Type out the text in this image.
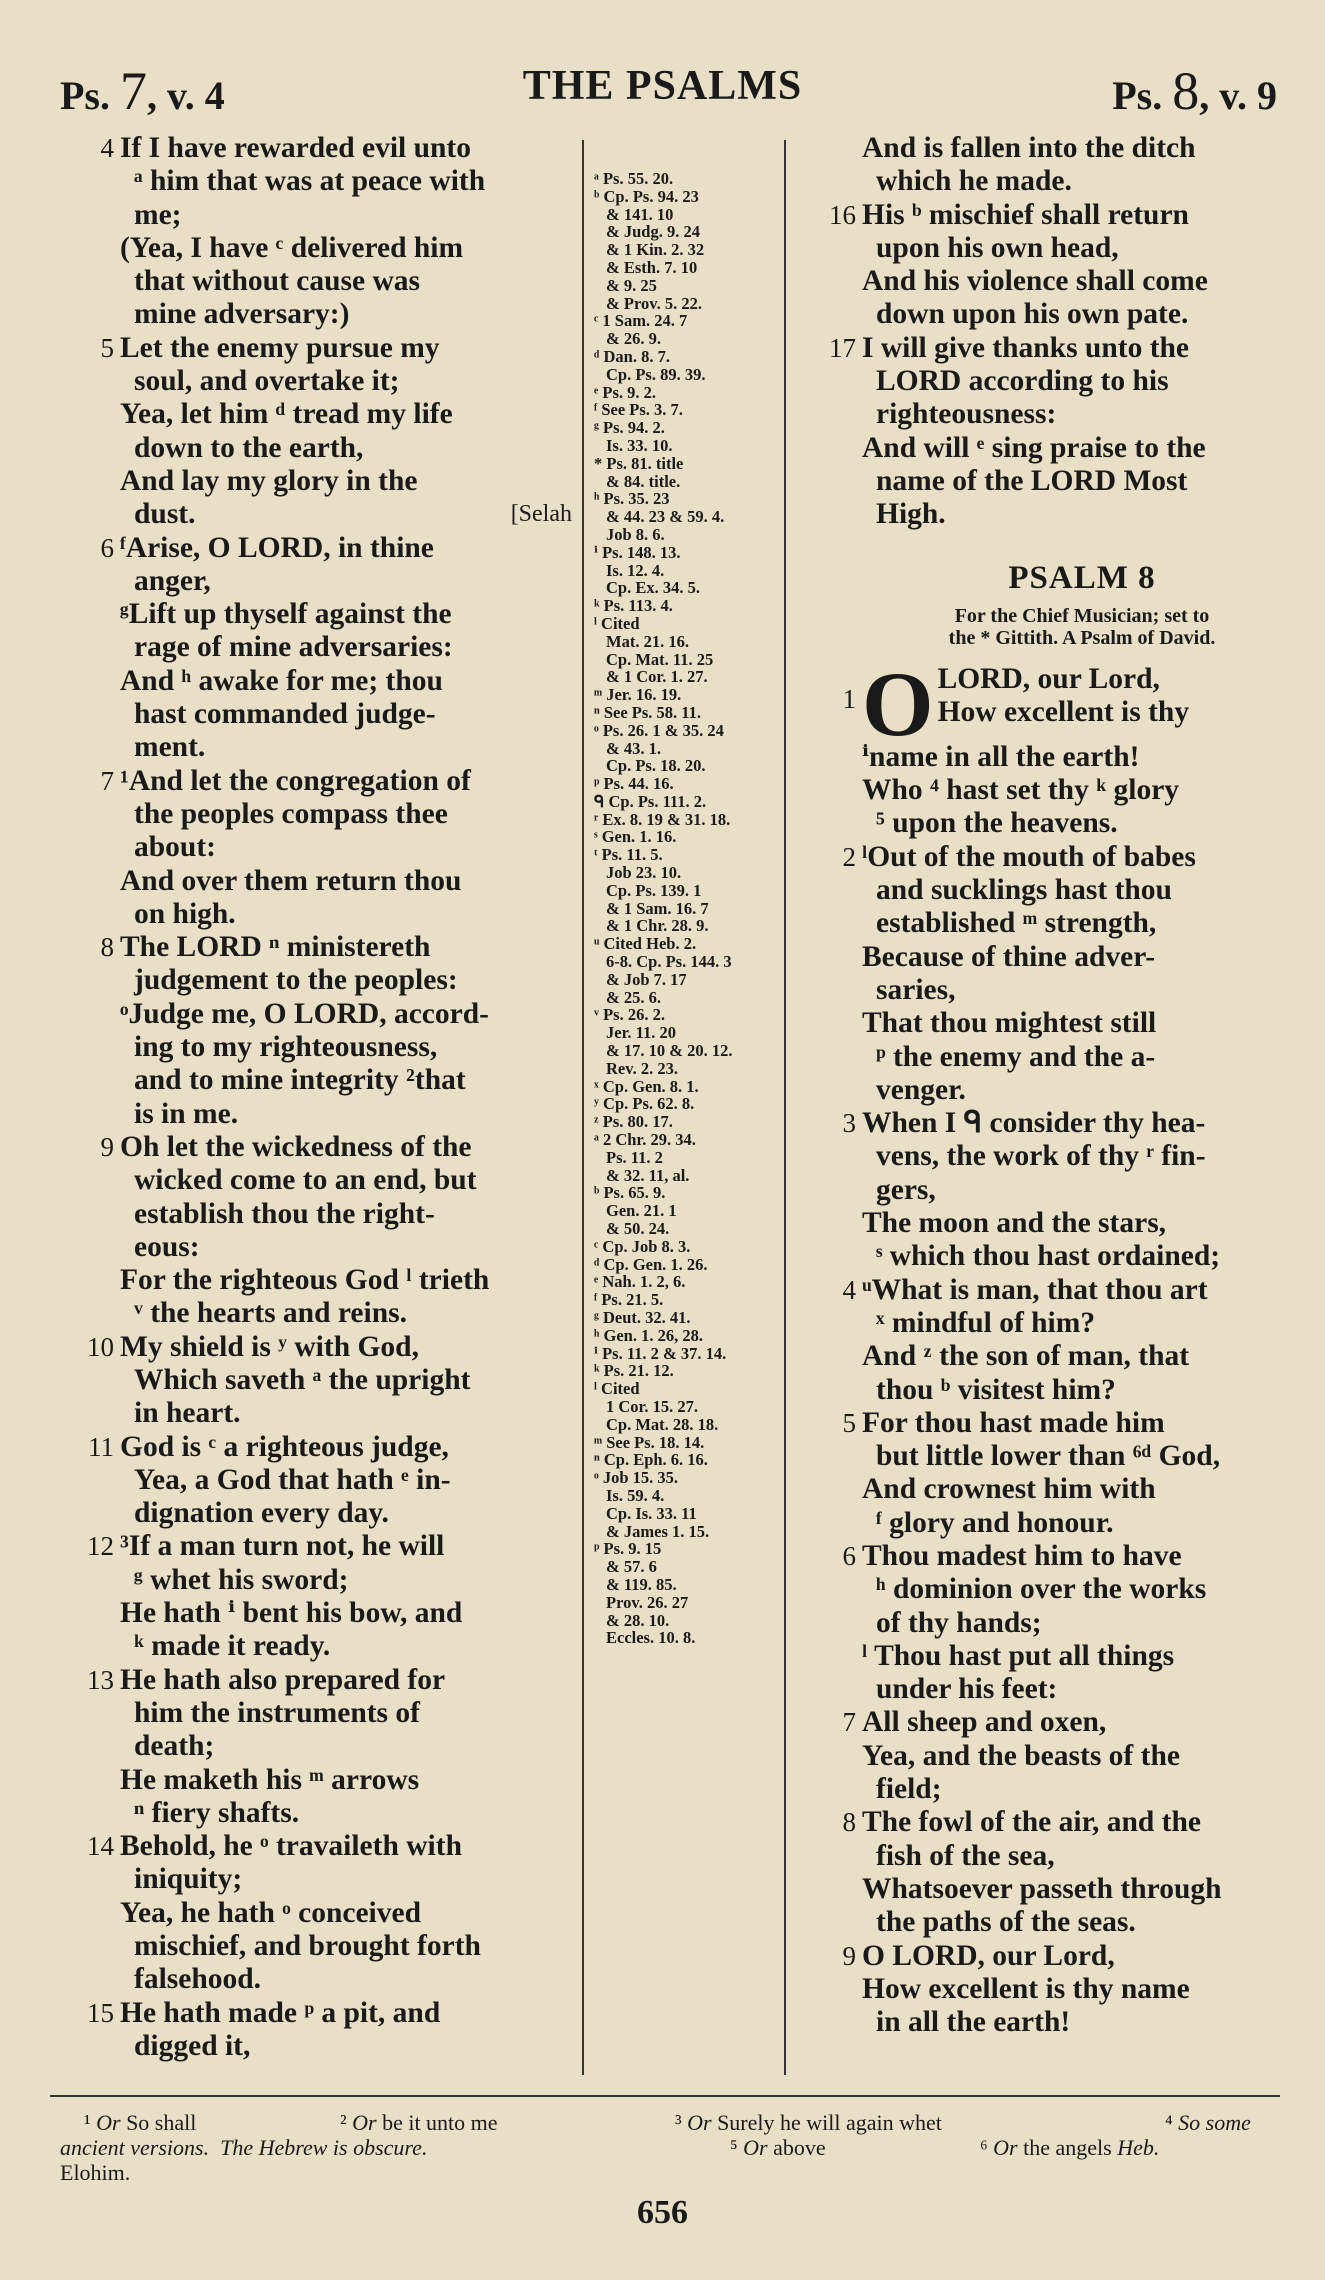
Ps. 7, v. 4	THE PSALMS	Ps. 8, v. 9
4 If I have rewarded evil unto
ᵃ him that was at peace with
me;
(Yea, I have ᶜ delivered him
that without cause was
mine adversary:)
5 Let the enemy pursue my
soul, and overtake it;
Yea, let him ᵈ tread my life
down to the earth,
And lay my glory in the
[Selah
dust.
6 ᶠArise, O LORD, in thine
anger,
ᵍLift up thyself against the
rage of mine adversaries:
And ʰ awake for me; thou
hast commanded judge-
ment.
7 ¹And let the congregation of
the peoples compass thee
about:
And over them return thou
on high.
8 The LORD ⁿ ministereth
judgement to the peoples:
ᵒJudge me, O LORD, accord-
ing to my righteousness,
and to mine integrity ²that
is in me.
9 Oh let the wickedness of the
wicked come to an end, but
establish thou the right-
eous:
For the righteous God ˡ trieth
ᵛ the hearts and reins.
10 My shield is ʸ with God,
Which saveth ᵃ the upright
in heart.
11 God is ᶜ a righteous judge,
Yea, a God that hath ᵉ in-
dignation every day.
12 ³If a man turn not, he will
ᵍ whet his sword;
He hath ⁱ bent his bow, and
ᵏ made it ready.
13 He hath also prepared for
him the instruments of
death;
He maketh his ᵐ arrows
ⁿ fiery shafts.
14 Behold, he ᵒ travaileth with
iniquity;
Yea, he hath ᵒ conceived
mischief, and brought forth
falsehood.
15 He hath made ᵖ a pit, and
digged it,
ᵃ Ps. 55. 20.
ᵇ Cp. Ps. 94. 23
& 141. 10
& Judg. 9. 24
& 1 Kin. 2. 32
& Esth. 7. 10
& 9. 25
& Prov. 5. 22.
ᶜ 1 Sam. 24. 7
& 26. 9.
ᵈ Dan. 8. 7.
Cp. Ps. 89. 39.
ᵉ Ps. 9. 2.
ᶠ See Ps. 3. 7.
ᵍ Ps. 94. 2.
Is. 33. 10.
* Ps. 81. title
& 84. title.
ʰ Ps. 35. 23
& 44. 23 & 59. 4.
Job 8. 6.
ⁱ Ps. 148. 13.
Is. 12. 4.
Cp. Ex. 34. 5.
ᵏ Ps. 113. 4.
ˡ Cited
Mat. 21. 16.
Cp. Mat. 11. 25
& 1 Cor. 1. 27.
ᵐ Jer. 16. 19.
ⁿ See Ps. 58. 11.
ᵒ Ps. 26. 1 & 35. 24
& 43. 1.
Cp. Ps. 18. 20.
ᵖ Ps. 44. 16.
ᑫ Cp. Ps. 111. 2.
ʳ Ex. 8. 19 & 31. 18.
ˢ Gen. 1. 16.
ᵗ Ps. 11. 5.
Job 23. 10.
Cp. Ps. 139. 1
& 1 Sam. 16. 7
& 1 Chr. 28. 9.
ᵘ Cited Heb. 2.
6-8. Cp. Ps. 144. 3
& Job 7. 17
& 25. 6.
ᵛ Ps. 26. 2.
Jer. 11. 20
& 17. 10 & 20. 12.
Rev. 2. 23.
ˣ Cp. Gen. 8. 1.
ʸ Cp. Ps. 62. 8.
ᶻ Ps. 80. 17.
ᵃ 2 Chr. 29. 34.
Ps. 11. 2
& 32. 11, al.
ᵇ Ps. 65. 9.
Gen. 21. 1
& 50. 24.
ᶜ Cp. Job 8. 3.
ᵈ Cp. Gen. 1. 26.
ᵉ Nah. 1. 2, 6.
ᶠ Ps. 21. 5.
ᵍ Deut. 32. 41.
ʰ Gen. 1. 26, 28.
ⁱ Ps. 11. 2 & 37. 14.
ᵏ Ps. 21. 12.
ˡ Cited
1 Cor. 15. 27.
Cp. Mat. 28. 18.
ᵐ See Ps. 18. 14.
ⁿ Cp. Eph. 6. 16.
ᵒ Job 15. 35.
Is. 59. 4.
Cp. Is. 33. 11
& James 1. 15.
ᵖ Ps. 9. 15
& 57. 6
& 119. 85.
Prov. 26. 27
& 28. 10.
Eccles. 10. 8.
And is fallen into the ditch
which he made.
16 His ᵇ mischief shall return
upon his own head,
And his violence shall come
down upon his own pate.
17 I will give thanks unto the
LORD according to his
righteousness:
And will ᵉ sing praise to the
name of the LORD Most
High.
PSALM 8
For the Chief Musician; set to
the * Gittith. A Psalm of David.
1 O LORD, our Lord,
How excellent is thy
ⁱname in all the earth!
Who ⁴ hast set thy ᵏ glory
⁵ upon the heavens.
2 ˡOut of the mouth of babes
and sucklings hast thou
established ᵐ strength,
Because of thine adver-
saries,
That thou mightest still
ᵖ the enemy and the a-
venger.
3 When I ᑫ consider thy hea-
vens, the work of thy ʳ fin-
gers,
The moon and the stars,
ˢ which thou hast ordained;
4 ᵘWhat is man, that thou art
ˣ mindful of him?
And ᶻ the son of man, that
thou ᵇ visitest him?
5 For thou hast made him
but little lower than ⁶ᵈ God,
And crownest him with
ᶠ glory and honour.
6 Thou madest him to have
ʰ dominion over the works
of thy hands;
ˡ Thou hast put all things
under his feet:
7 All sheep and oxen,
Yea, and the beasts of the
field;
8 The fowl of the air, and the
fish of the sea,
Whatsoever passeth through
the paths of the seas.
9 O LORD, our Lord,
How excellent is thy name
in all the earth!
¹ Or So shall	² Or be it unto me	³ Or Surely he will again whet	⁴ So some
ancient versions. The Hebrew is obscure.	⁵ Or above	⁶ Or the angels Heb.
Elohim.
656
